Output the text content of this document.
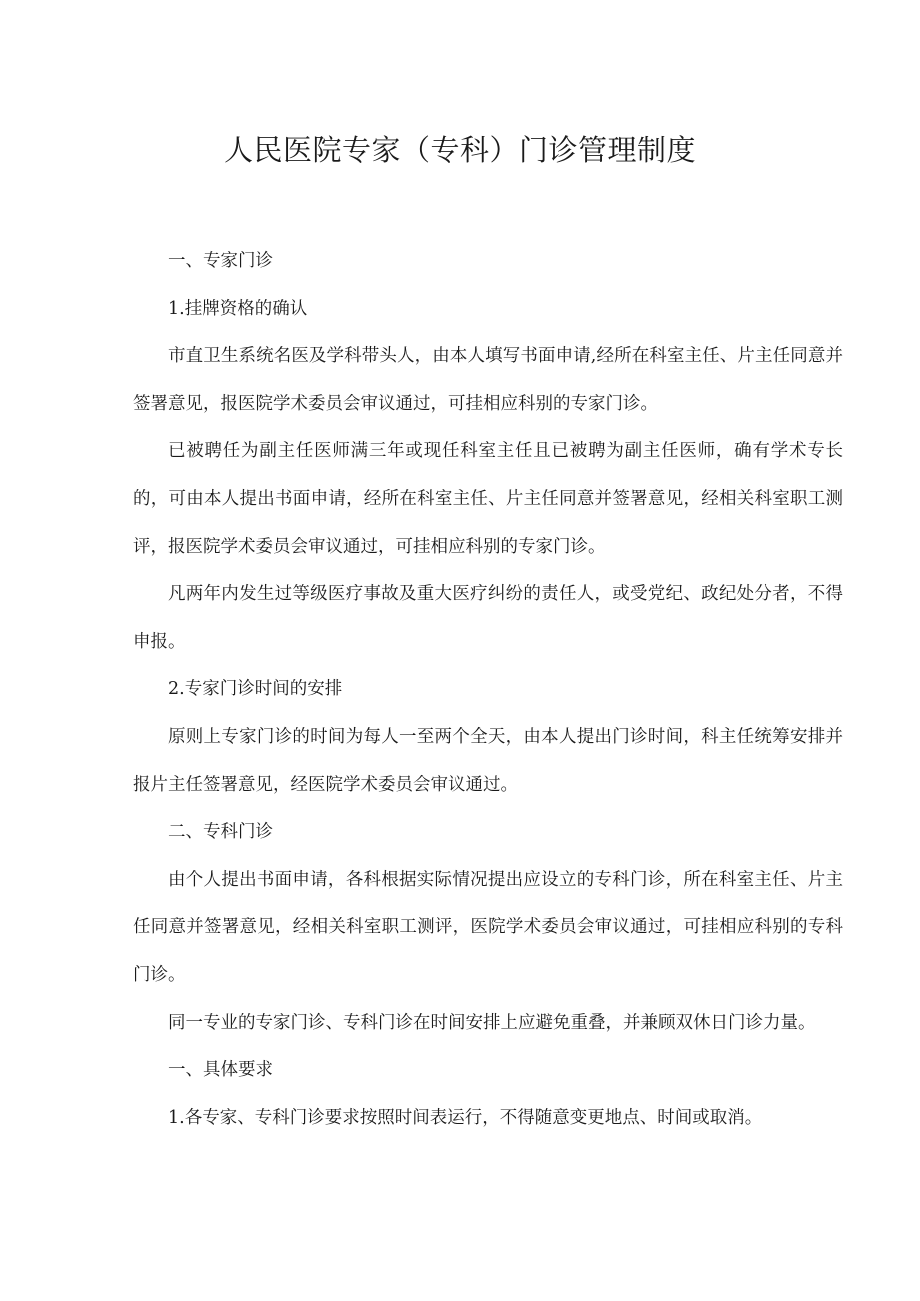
人民医院专家（专科）门诊管理制度

一、专家门诊

1.挂牌资格的确认

市直卫生系统名医及学科带头人，由本人填写书面申请,经所在科室主任、片主任同意并签署意见，报医院学术委员会审议通过，可挂相应科别的专家门诊。

已被聘任为副主任医师满三年或现任科室主任且已被聘为副主任医师，确有学术专长的，可由本人提出书面申请，经所在科室主任、片主任同意并签署意见，经相关科室职工测评，报医院学术委员会审议通过，可挂相应科别的专家门诊。

凡两年内发生过等级医疗事故及重大医疗纠纷的责任人，或受党纪、政纪处分者，不得申报。

2.专家门诊时间的安排

原则上专家门诊的时间为每人一至两个全天，由本人提出门诊时间，科主任统筹安排并报片主任签署意见，经医院学术委员会审议通过。

二、专科门诊

由个人提出书面申请，各科根据实际情况提出应设立的专科门诊，所在科室主任、片主任同意并签署意见，经相关科室职工测评，医院学术委员会审议通过，可挂相应科别的专科门诊。

同一专业的专家门诊、专科门诊在时间安排上应避免重叠，并兼顾双休日门诊力量。

一、具体要求

1.各专家、专科门诊要求按照时间表运行，不得随意变更地点、时间或取消。
